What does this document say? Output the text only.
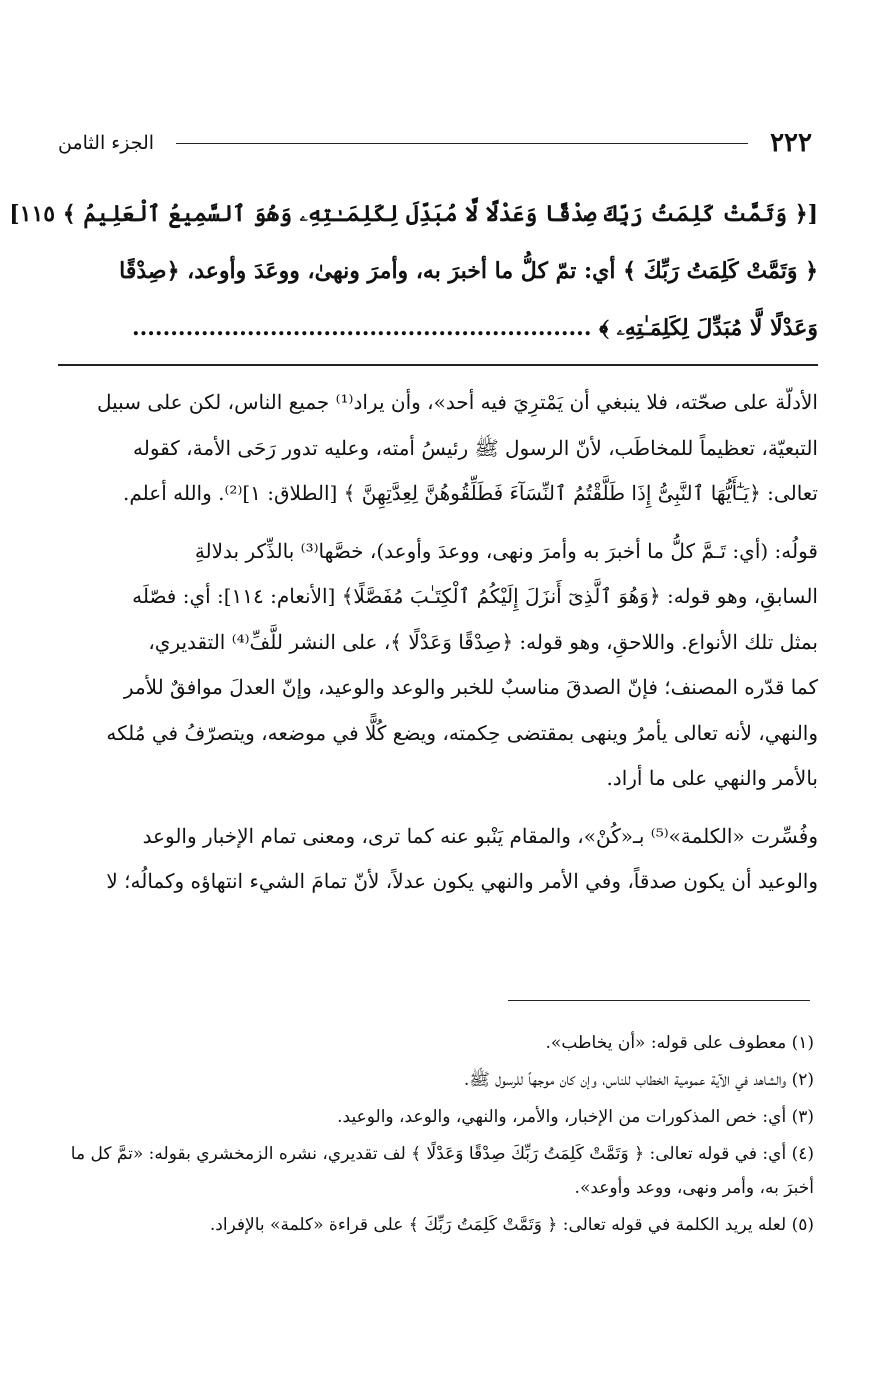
٢٢٢
الجزء الثامن
[﴿ وَتَمَّتْ كَلِمَتُ رَبِّكَ صِدْقًا وَعَدْلًا لَّا مُبَدِّلَ لِكَلِمَـٰتِهِۦ وَهُوَ ٱلسَّمِيعُ ٱلْعَلِيمُ ﴾ ١١٥]
﴿ وَتَمَّتْ كَلِمَتُ رَبِّكَ ﴾ أي: تمّ كلُّ ما أخبرَ به، وأمرَ ونهىٰ، ووعَدَ وأوعد، ﴿صِدْقًا
وَعَدْلًا لَّا مُبَدِّلَ لِكَلِمَـٰتِهِۦ ﴾ ............................................................

الأدلّة على صحّته، فلا ينبغي أن يَمْترِيَ فيه أحد»، وأن يراد⁽¹⁾ جميع الناس، لكن على سبيل
التبعيّة، تعظيماً للمخاطَب، لأنّ الرسول ﷺ رئيسُ أمته، وعليه تدور رَحَى الأمة، كقوله
تعالى: ﴿يَـٰٓأَيُّهَا ٱلنَّبِىُّ إِذَا طَلَّقْتُمُ ٱلنِّسَآءَ فَطَلِّقُوهُنَّ لِعِدَّتِهِنَّ ﴾ [الطلاق: ١]⁽²⁾. والله أعلم.

قولُه: (أي: تَـمَّ كلُّ ما أخبرَ به وأمرَ ونهى، ووعدَ وأوعد)، خصَّها⁽³⁾ بالذِّكر بدلالةِ
السابقِ، وهو قوله: ﴿وَهُوَ ٱلَّذِىٓ أَنزَلَ إِلَيْكُمُ ٱلْكِتَـٰبَ مُفَصَّلًا﴾ [الأنعام: ١١٤]: أي: فصّلَه
بمثل تلك الأنواع. واللاحقِ، وهو قوله: ﴿صِدْقًا وَعَدْلًا ﴾، على النشر للَّفِّ⁽⁴⁾ التقديري،
كما قدّره المصنف؛ فإنّ الصدقَ مناسبٌ للخبر والوعد والوعيد، وإنّ العدلَ موافقٌ للأمر
والنهي، لأنه تعالى يأمرُ وينهى بمقتضى حِكمته، ويضع كُلًّا في موضعه، ويتصرّفُ في مُلكه
بالأمر والنهي على ما أراد.

وفُسِّرت «الكلمة»⁽⁵⁾ بـ«كُنْ»، والمقام يَنْبو عنه كما ترى، ومعنى تمام الإخبار والوعد
والوعيد أن يكون صدقاً، وفي الأمر والنهي يكون عدلاً، لأنّ تمامَ الشيء انتهاؤه وكمالُه؛ لا

(١) معطوف على قوله: «أن يخاطب».
(٢) والشاهد في الآية عمومية الخطاب للناس، وإن كان موجهاً للرسول ﷺ.
(٣) أي: خص المذكورات من الإخبار، والأمر، والنهي، والوعد، والوعيد.
(٤) أي: في قوله تعالى: ﴿ وَتَمَّتْ كَلِمَتُ رَبِّكَ صِدْقًا وَعَدْلًا ﴾ لف تقديري، نشره الزمخشري بقوله: «تمَّ كل ما
أخبرَ به، وأمر ونهى، ووعد وأوعد».
(٥) لعله يريد الكلمة في قوله تعالى: ﴿ وَتَمَّتْ كَلِمَتُ رَبِّكَ ﴾ على قراءة «كلمة» بالإفراد.
